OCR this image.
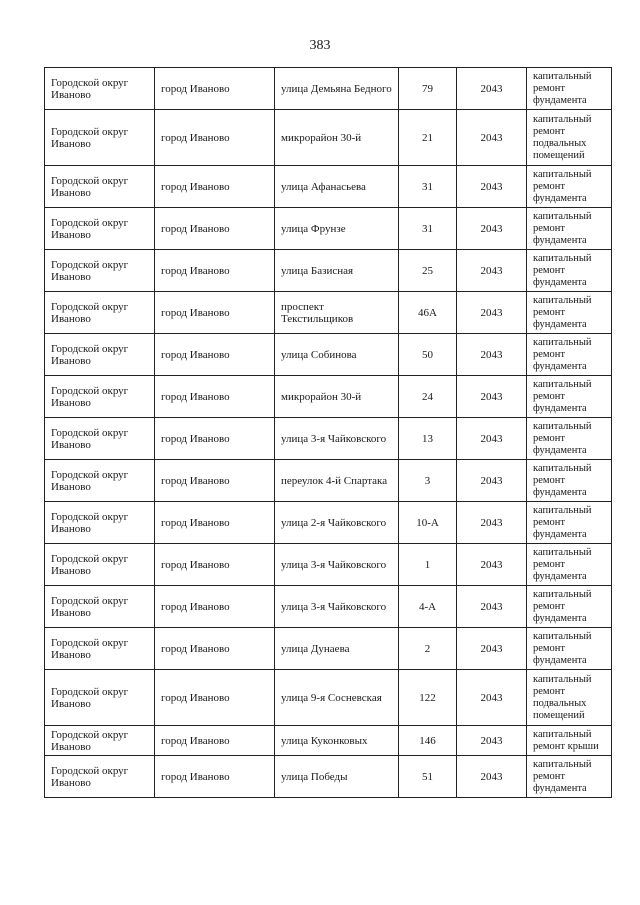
383
Городской округ Иваново	город Иваново	улица Демьяна Бедного	79	2043	капитальный ремонт фундамента
Городской округ Иваново	город Иваново	микрорайон 30-й	21	2043	капитальный ремонт подвальных помещений
Городской округ Иваново	город Иваново	улица Афанасьева	31	2043	капитальный ремонт фундамента
Городской округ Иваново	город Иваново	улица Фрунзе	31	2043	капитальный ремонт фундамента
Городской округ Иваново	город Иваново	улица Базисная	25	2043	капитальный ремонт фундамента
Городской округ Иваново	город Иваново	проспект Текстильщиков	46А	2043	капитальный ремонт фундамента
Городской округ Иваново	город Иваново	улица Собинова	50	2043	капитальный ремонт фундамента
Городской округ Иваново	город Иваново	микрорайон 30-й	24	2043	капитальный ремонт фундамента
Городской округ Иваново	город Иваново	улица 3-я Чайковского	13	2043	капитальный ремонт фундамента
Городской округ Иваново	город Иваново	переулок 4-й Спартака	3	2043	капитальный ремонт фундамента
Городской округ Иваново	город Иваново	улица 2-я Чайковского	10-А	2043	капитальный ремонт фундамента
Городской округ Иваново	город Иваново	улица 3-я Чайковского	1	2043	капитальный ремонт фундамента
Городской округ Иваново	город Иваново	улица 3-я Чайковского	4-А	2043	капитальный ремонт фундамента
Городской округ Иваново	город Иваново	улица Дунаева	2	2043	капитальный ремонт фундамента
Городской округ Иваново	город Иваново	улица 9-я Сосневская	122	2043	капитальный ремонт подвальных помещений
Городской округ Иваново	город Иваново	улица Куконковых	146	2043	капитальный ремонт крыши
Городской округ Иваново	город Иваново	улица Победы	51	2043	капитальный ремонт фундамента
